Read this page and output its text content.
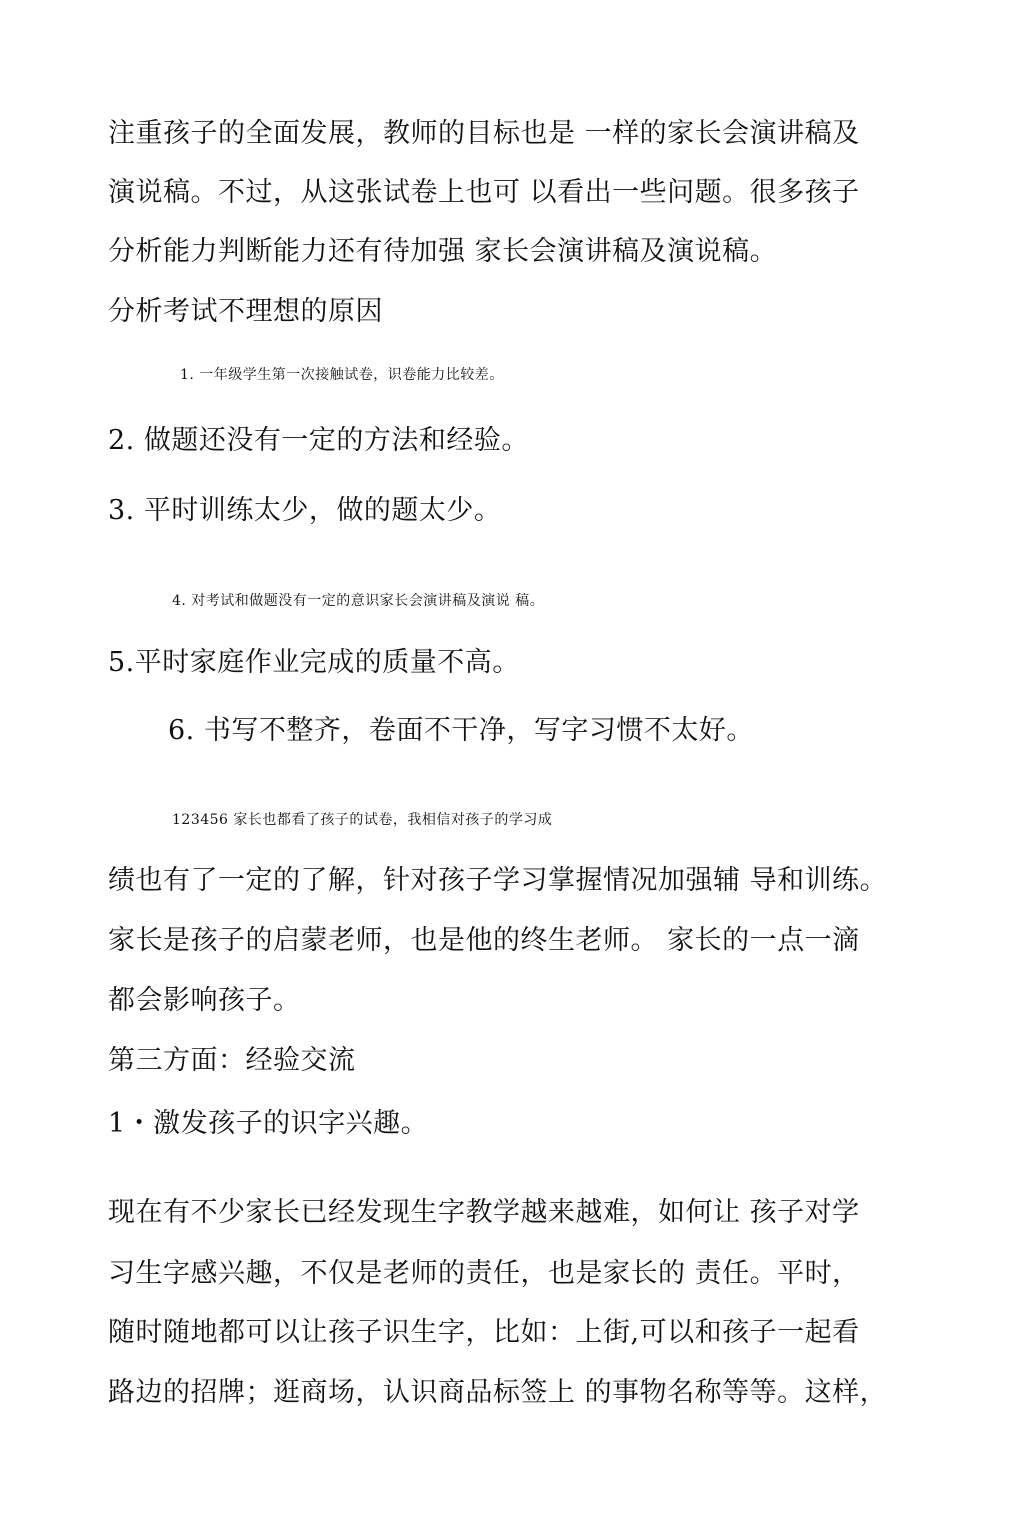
注重孩子的全面发展，教师的目标也是 一样的家长会演讲稿及
演说稿。不过，从这张试卷上也可 以看出一些问题。很多孩子
分析能力判断能力还有待加强 家长会演讲稿及演说稿。
分析考试不理想的原因
1. 一年级学生第一次接触试卷，识卷能力比较差。
2. 做题还没有一定的方法和经验。
3. 平时训练太少，做的题太少。
4. 对考试和做题没有一定的意识家长会演讲稿及演说 稿。
5.平时家庭作业完成的质量不高。
6. 书写不整齐，卷面不干净，写字习惯不太好。
123456 家长也都看了孩子的试卷，我相信对孩子的学习成
绩也有了一定的了解，针对孩子学习掌握情况加强辅 导和训练。
家长是孩子的启蒙老师，也是他的终生老师。 家长的一点一滴
都会影响孩子。
第三方面：经验交流
1・激发孩子的识字兴趣。
现在有不少家长已经发现生字教学越来越难，如何让 孩子对学
习生字感兴趣，不仅是老师的责任，也是家长的 责任。平时，
随时随地都可以让孩子识生字，比如：上街,可以和孩子一起看
路边的招牌；逛商场，认识商品标签上 的事物名称等等。这样，
